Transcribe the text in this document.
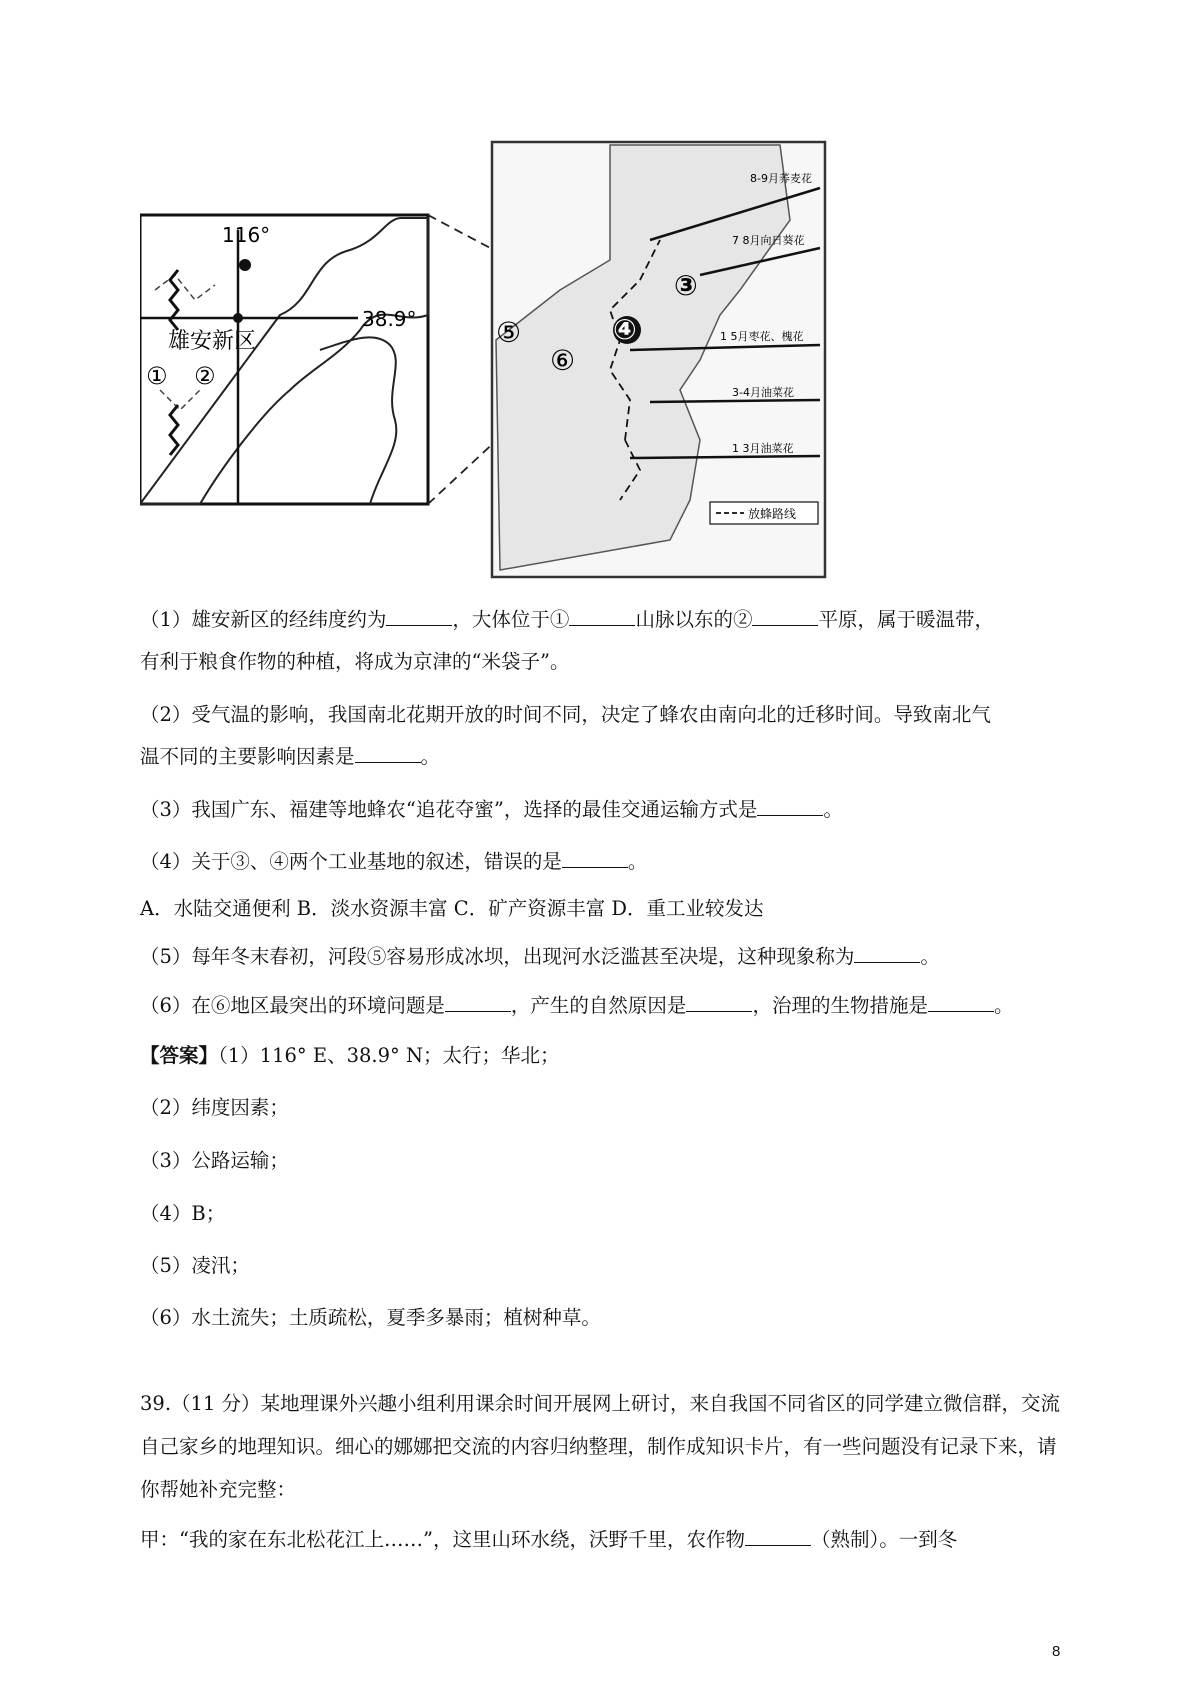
116°
38.9°
雄安新区
① ②
8-9月荞麦花
7 8月向日葵花
1 5月枣花、槐花
3-4月油菜花
1 3月油菜花
③
④
⑤
⑥
放蜂路线
（1）雄安新区的经纬度约为	，大体位于①	山脉以东的②	平原，属于暖温带，
有利于粮食作物的种植，将成为京津的“米袋子”。
（2）受气温的影响，我国南北花期开放的时间不同，决定了蜂农由南向北的迁移时间。导致南北气
温不同的主要影响因素是	。
（3）我国广东、福建等地蜂农“追花夺蜜”，选择的最佳交通运输方式是	。
（4）关于③、④两个工业基地的叙述，错误的是	。
A．水陆交通便利 B．淡水资源丰富 C．矿产资源丰富 D．重工业较发达
（5）每年冬末春初，河段⑤容易形成冰坝，出现河水泛滥甚至决堤，这种现象称为	。
（6）在⑥地区最突出的环境问题是	，产生的自然原因是	，治理的生物措施是	。
【答案】（1）116° E、38.9° N；太行；华北；
（2）纬度因素；
（3）公路运输；
（4）B；
（5）凌汛；
（6）水土流失；土质疏松，夏季多暴雨；植树种草。
39.（11 分）某地理课外兴趣小组利用课余时间开展网上研讨，来自我国不同省区的同学建立微信群，交流自己家乡的地理知识。细心的娜娜把交流的内容归纳整理，制作成知识卡片，有一些问题没有记录下来，请你帮她补充完整：
甲：“我的家在东北松花江上……”，这里山环水绕，沃野千里，农作物	（熟制）。一到冬
8
